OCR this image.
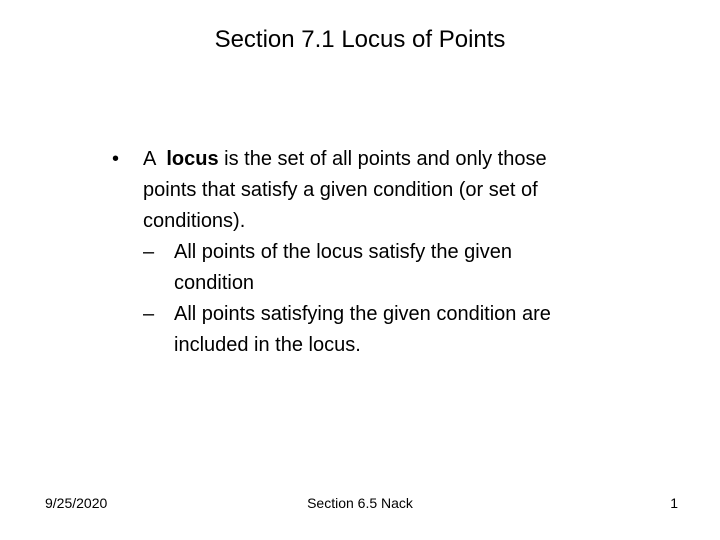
Section 7.1 Locus of Points
•	A  locus is the set of all points and only those points that satisfy a given condition (or set of conditions).
– All points of the locus satisfy the given condition
– All points satisfying the given condition are included in the locus.
9/25/2020	Section 6.5 Nack	1
